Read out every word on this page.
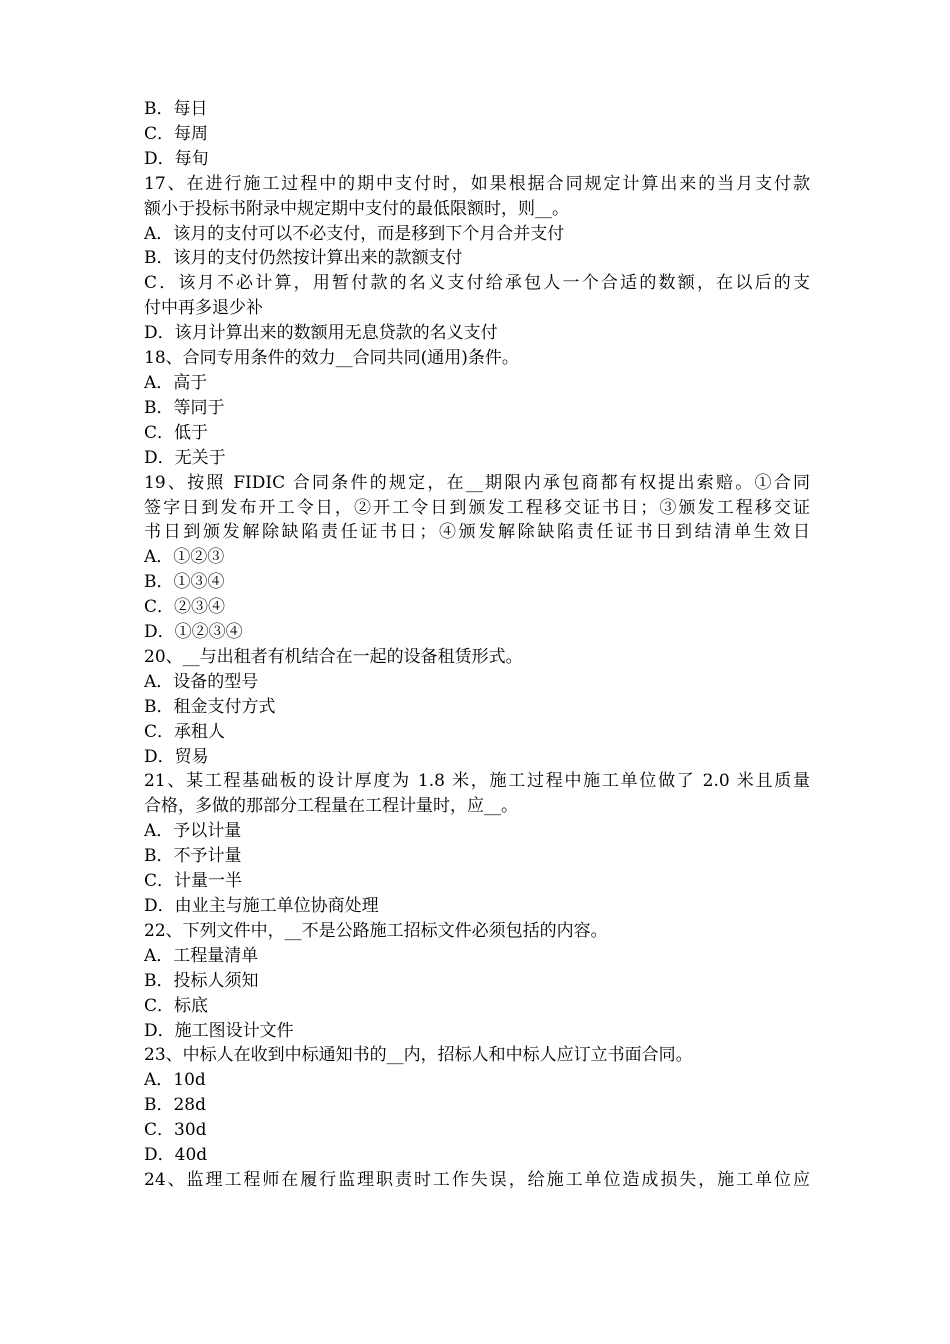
B．每日
C．每周
D．每旬
17、在进行施工过程中的期中支付时，如果根据合同规定计算出来的当月支付款
额小于投标书附录中规定期中支付的最低限额时，则__。
A．该月的支付可以不必支付，而是移到下个月合并支付
B．该月的支付仍然按计算出来的款额支付
C．该月不必计算，用暂付款的名义支付给承包人一个合适的数额，在以后的支
付中再多退少补
D．该月计算出来的数额用无息贷款的名义支付
18、合同专用条件的效力__合同共同(通用)条件。
A．高于
B．等同于
C．低于
D．无关于
19、按照 FIDIC 合同条件的规定，在__期限内承包商都有权提出索赔。①合同
签字日到发布开工令日，②开工令日到颁发工程移交证书日；③颁发工程移交证
书日到颁发解除缺陷责任证书日；④颁发解除缺陷责任证书日到结清单生效日
A．①②③
B．①③④
C．②③④
D．①②③④
20、__与出租者有机结合在一起的设备租赁形式。
A．设备的型号
B．租金支付方式
C．承租人
D．贸易
21、某工程基础板的设计厚度为 1.8 米，施工过程中施工单位做了 2.0 米且质量
合格，多做的那部分工程量在工程计量时，应__。
A．予以计量
B．不予计量
C．计量一半
D．由业主与施工单位协商处理
22、下列文件中，__不是公路施工招标文件必须包括的内容。
A．工程量清单
B．投标人须知
C．标底
D．施工图设计文件
23、中标人在收到中标通知书的__内，招标人和中标人应订立书面合同。
A．10d
B．28d
C．30d
D．40d
24、监理工程师在履行监理职责时工作失误，给施工单位造成损失，施工单位应
